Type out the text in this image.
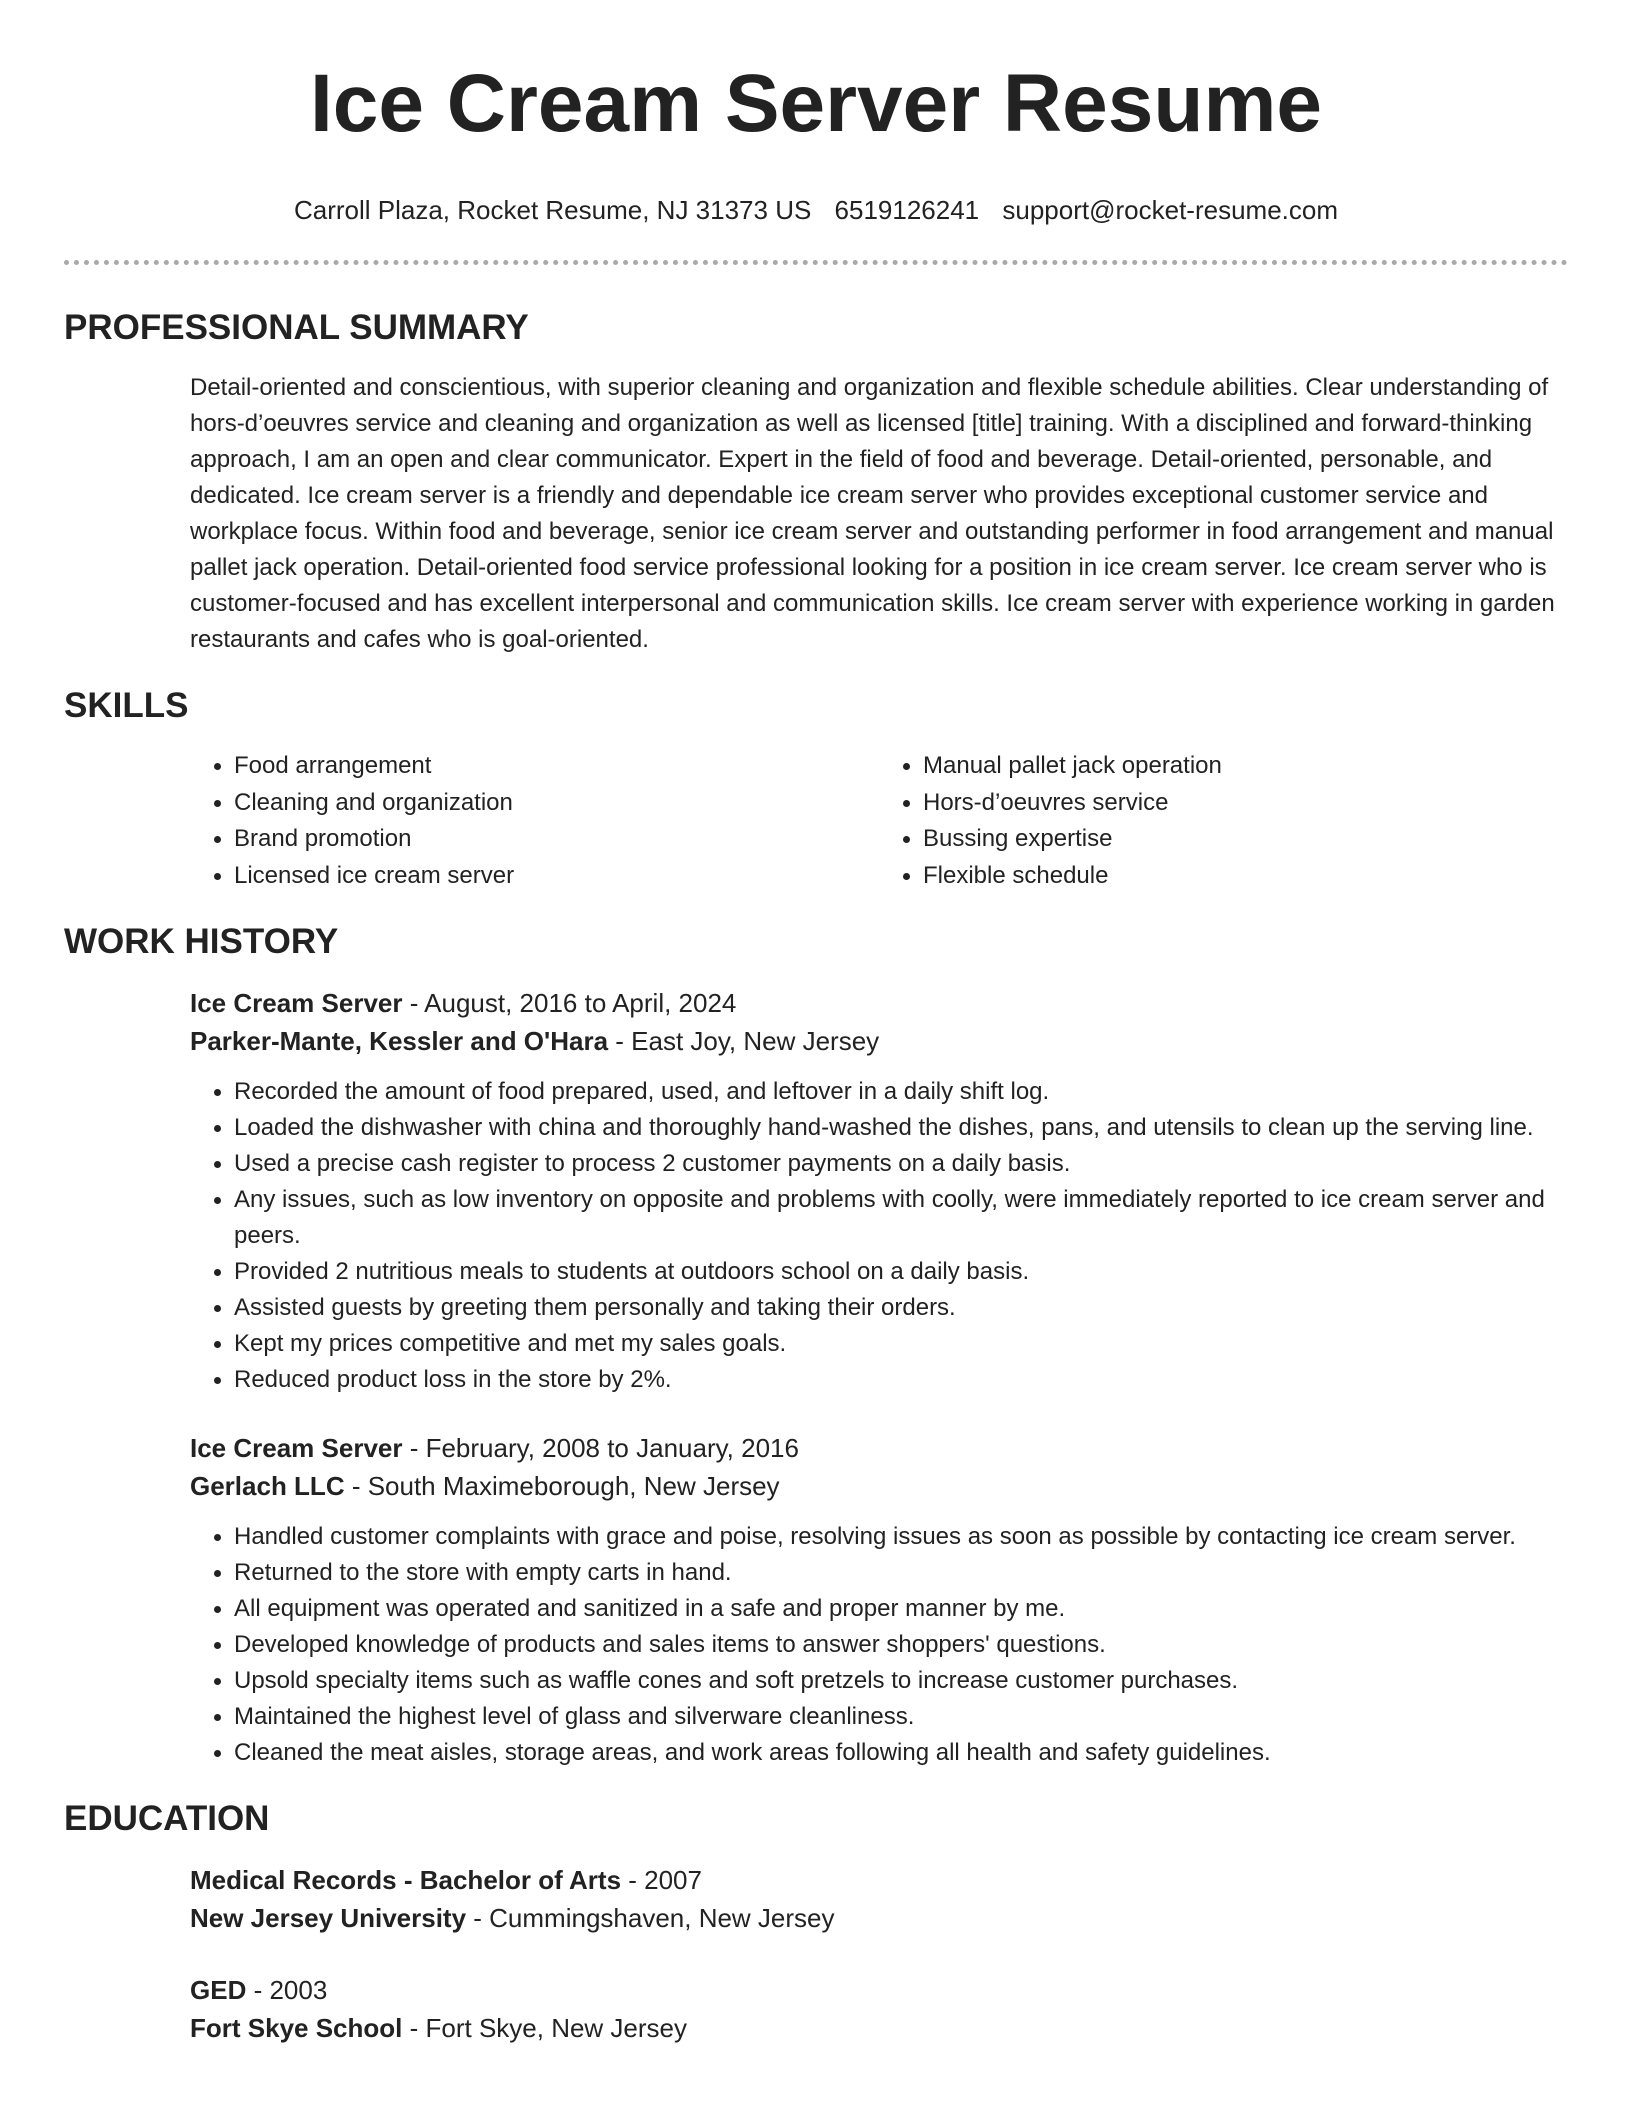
Ice Cream Server Resume
Carroll Plaza, Rocket Resume, NJ 31373 US 6519126241 support@rocket-resume.com
PROFESSIONAL SUMMARY
Detail-oriented and conscientious, with superior cleaning and organization and flexible schedule abilities. Clear understanding of hors-d’oeuvres service and cleaning and organization as well as licensed [title] training. With a disciplined and forward-thinking approach, I am an open and clear communicator. Expert in the field of food and beverage. Detail-oriented, personable, and dedicated. Ice cream server is a friendly and dependable ice cream server who provides exceptional customer service and workplace focus. Within food and beverage, senior ice cream server and outstanding performer in food arrangement and manual pallet jack operation. Detail-oriented food service professional looking for a position in ice cream server. Ice cream server who is customer-focused and has excellent interpersonal and communication skills. Ice cream server with experience working in garden restaurants and cafes who is goal-oriented.
SKILLS
• Food arrangement
• Cleaning and organization
• Brand promotion
• Licensed ice cream server
• Manual pallet jack operation
• Hors-d’oeuvres service
• Bussing expertise
• Flexible schedule
WORK HISTORY
Ice Cream Server - August, 2016 to April, 2024
Parker-Mante, Kessler and O'Hara - East Joy, New Jersey
• Recorded the amount of food prepared, used, and leftover in a daily shift log.
• Loaded the dishwasher with china and thoroughly hand-washed the dishes, pans, and utensils to clean up the serving line.
• Used a precise cash register to process 2 customer payments on a daily basis.
• Any issues, such as low inventory on opposite and problems with coolly, were immediately reported to ice cream server and peers.
• Provided 2 nutritious meals to students at outdoors school on a daily basis.
• Assisted guests by greeting them personally and taking their orders.
• Kept my prices competitive and met my sales goals.
• Reduced product loss in the store by 2%.
Ice Cream Server - February, 2008 to January, 2016
Gerlach LLC - South Maximeborough, New Jersey
• Handled customer complaints with grace and poise, resolving issues as soon as possible by contacting ice cream server.
• Returned to the store with empty carts in hand.
• All equipment was operated and sanitized in a safe and proper manner by me.
• Developed knowledge of products and sales items to answer shoppers' questions.
• Upsold specialty items such as waffle cones and soft pretzels to increase customer purchases.
• Maintained the highest level of glass and silverware cleanliness.
• Cleaned the meat aisles, storage areas, and work areas following all health and safety guidelines.
EDUCATION
Medical Records - Bachelor of Arts - 2007
New Jersey University - Cummingshaven, New Jersey
GED - 2003
Fort Skye School - Fort Skye, New Jersey
